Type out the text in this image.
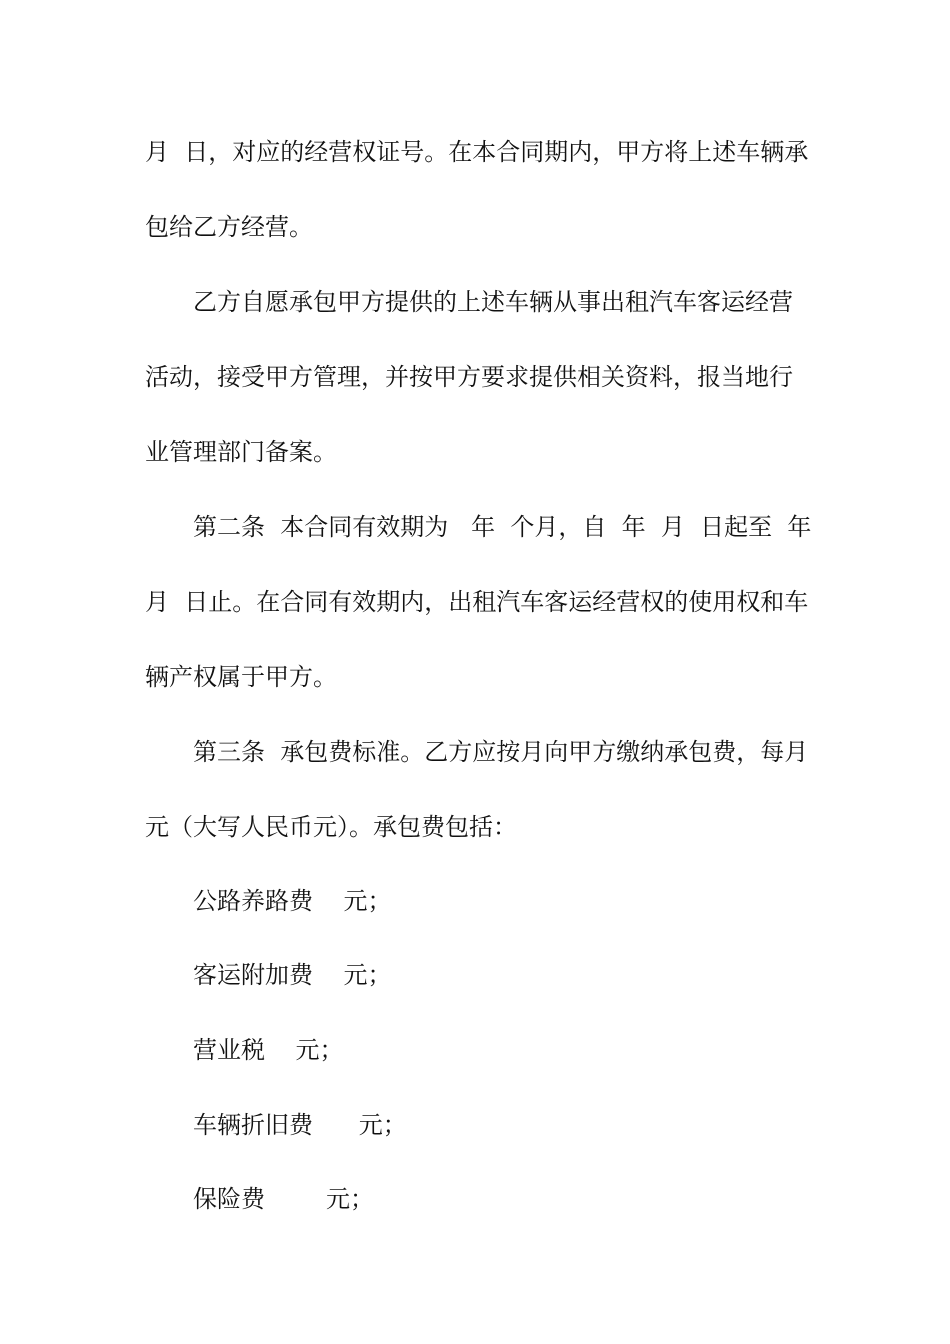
月  日，对应的经营权证号。在本合同期内，甲方将上述车辆承
包给乙方经营。
乙方自愿承包甲方提供的上述车辆从事出租汽车客运经营
活动，接受甲方管理，并按甲方要求提供相关资料，报当地行
业管理部门备案。
第二条  本合同有效期为   年  个月，自  年  月  日起至  年
月  日止。在合同有效期内，出租汽车客运经营权的使用权和车
辆产权属于甲方。
第三条  承包费标准。乙方应按月向甲方缴纳承包费，每月
元（大写人民币元）。承包费包括：
公路养路费    元；
客运附加费    元；
营业税    元；
车辆折旧费      元；
保险费        元；
